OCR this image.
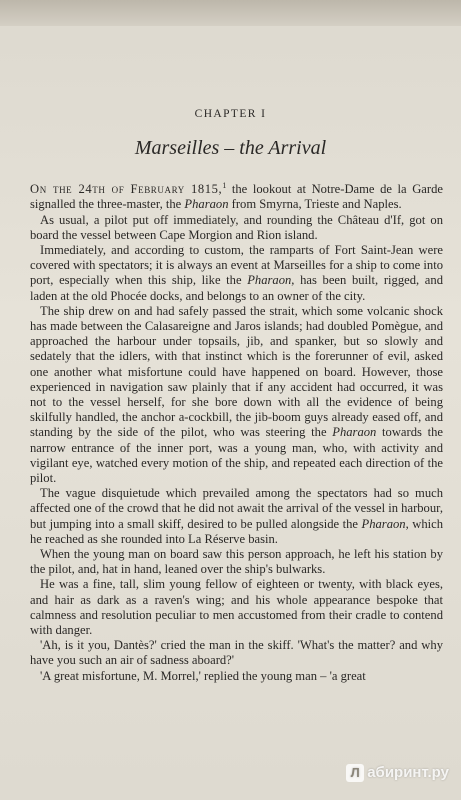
CHAPTER I
Marseilles – the Arrival

On the 24th of February 1815,$^1$ the lookout at Notre-Dame de la Garde signalled the three-master, the Pharaon from Smyrna, Trieste and Naples.

As usual, a pilot put off immediately, and rounding the Château d'If, got on board the vessel between Cape Morgion and Rion island.

Immediately, and according to custom, the ramparts of Fort Saint-Jean were covered with spectators; it is always an event at Marseilles for a ship to come into port, especially when this ship, like the Pharaon, has been built, rigged, and laden at the old Phocée docks, and belongs to an owner of the city.

The ship drew on and had safely passed the strait, which some volcanic shock has made between the Calasareigne and Jaros islands; had doubled Pomègue, and approached the harbour under topsails, jib, and spanker, but so slowly and sedately that the idlers, with that instinct which is the forerunner of evil, asked one another what misfortune could have happened on board. However, those experienced in navigation saw plainly that if any accident had occurred, it was not to the vessel herself, for she bore down with all the evidence of being skilfully handled, the anchor a-cockbill, the jib-boom guys already eased off, and standing by the side of the pilot, who was steering the Pharaon towards the narrow entrance of the inner port, was a young man, who, with activity and vigilant eye, watched every motion of the ship, and repeated each direction of the pilot.

The vague disquietude which prevailed among the spectators had so much affected one of the crowd that he did not await the arrival of the vessel in harbour, but jumping into a small skiff, desired to be pulled alongside the Pharaon, which he reached as she rounded into La Réserve basin.

When the young man on board saw this person approach, he left his station by the pilot, and, hat in hand, leaned over the ship's bulwarks.

He was a fine, tall, slim young fellow of eighteen or twenty, with black eyes, and hair as dark as a raven's wing; and his whole appearance bespoke that calmness and resolution peculiar to men accustomed from their cradle to contend with danger.

'Ah, is it you, Dantès?' cried the man in the skiff. 'What's the matter? and why have you such an air of sadness aboard?'

'A great misfortune, M. Morrel,' replied the young man – 'a great

Л абиринт.ру
